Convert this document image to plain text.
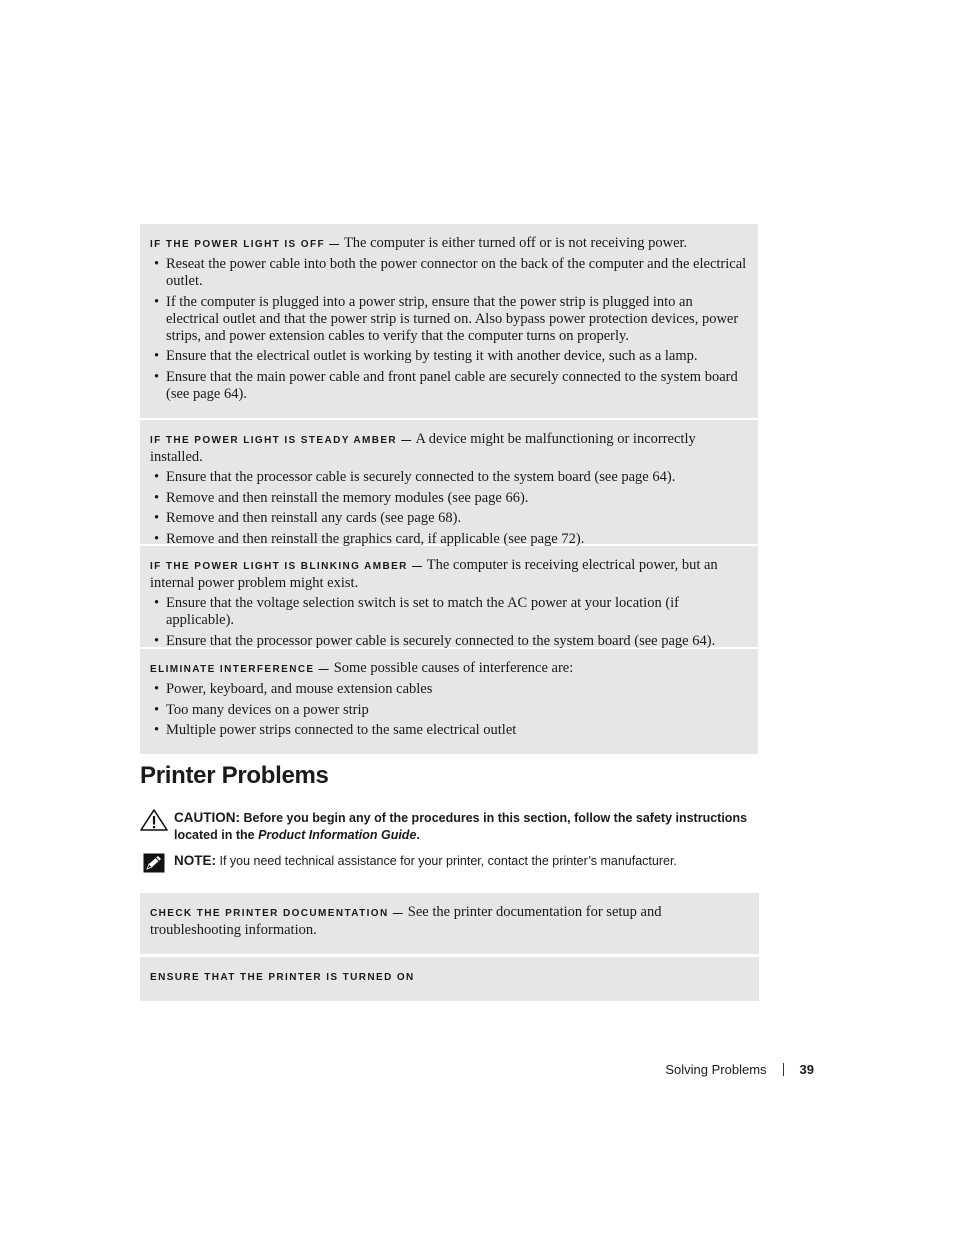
IF THE POWER LIGHT IS OFF — The computer is either turned off or is not receiving power.

• Reseat the power cable into both the power connector on the back of the computer and the electrical outlet.
• If the computer is plugged into a power strip, ensure that the power strip is plugged into an electrical outlet and that the power strip is turned on. Also bypass power protection devices, power strips, and power extension cables to verify that the computer turns on properly.
• Ensure that the electrical outlet is working by testing it with another device, such as a lamp.
• Ensure that the main power cable and front panel cable are securely connected to the system board (see page 64).

IF THE POWER LIGHT IS STEADY AMBER — A device might be malfunctioning or incorrectly installed.

• Ensure that the processor cable is securely connected to the system board (see page 64).
• Remove and then reinstall the memory modules (see page 66).
• Remove and then reinstall any cards (see page 68).
• Remove and then reinstall the graphics card, if applicable (see page 72).

IF THE POWER LIGHT IS BLINKING AMBER — The computer is receiving electrical power, but an internal power problem might exist.

• Ensure that the voltage selection switch is set to match the AC power at your location (if applicable).
• Ensure that the processor power cable is securely connected to the system board (see page 64).

ELIMINATE INTERFERENCE — Some possible causes of interference are:

• Power, keyboard, and mouse extension cables
• Too many devices on a power strip
• Multiple power strips connected to the same electrical outlet
Printer Problems
CAUTION: Before you begin any of the procedures in this section, follow the safety instructions located in the Product Information Guide.
NOTE: If you need technical assistance for your printer, contact the printer’s manufacturer.

CHECK THE PRINTER DOCUMENTATION — See the printer documentation for setup and troubleshooting information.

ENSURE THAT THE PRINTER IS TURNED ON

Solving Problems	39
